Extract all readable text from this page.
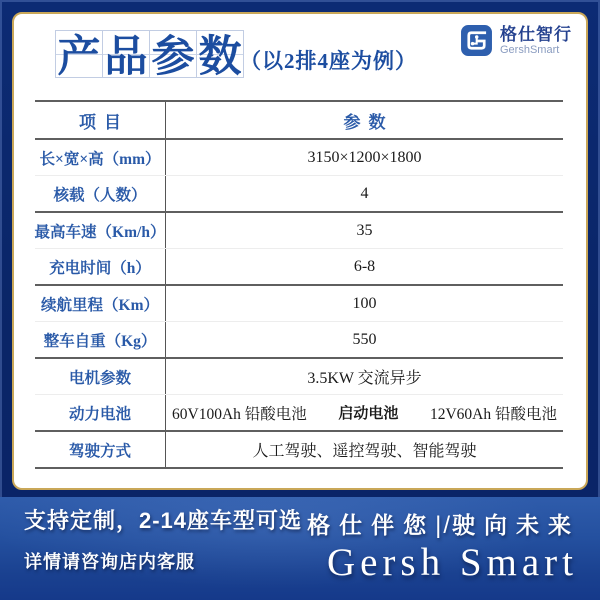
支持定制，2-14座车型可选
详情请咨询店内客服
格仕伴您|/驶向未来
Gersh Smart
产 品 参 数
（以2排4座为例）
格仕智行
GershSmart
项目	参数
长×宽×高（mm）	3150×1200×1800
核载（人数）	4
最高车速（Km/h）	35
充电时间（h）	6-8
续航里程（Km）	100
整车自重（Kg）	550
电机参数	3.5KW 交流异步
动力电池	60V100Ah 铅酸电池 启动电池 12V60Ah 铅酸电池
驾驶方式	人工驾驶、遥控驾驶、智能驾驶
